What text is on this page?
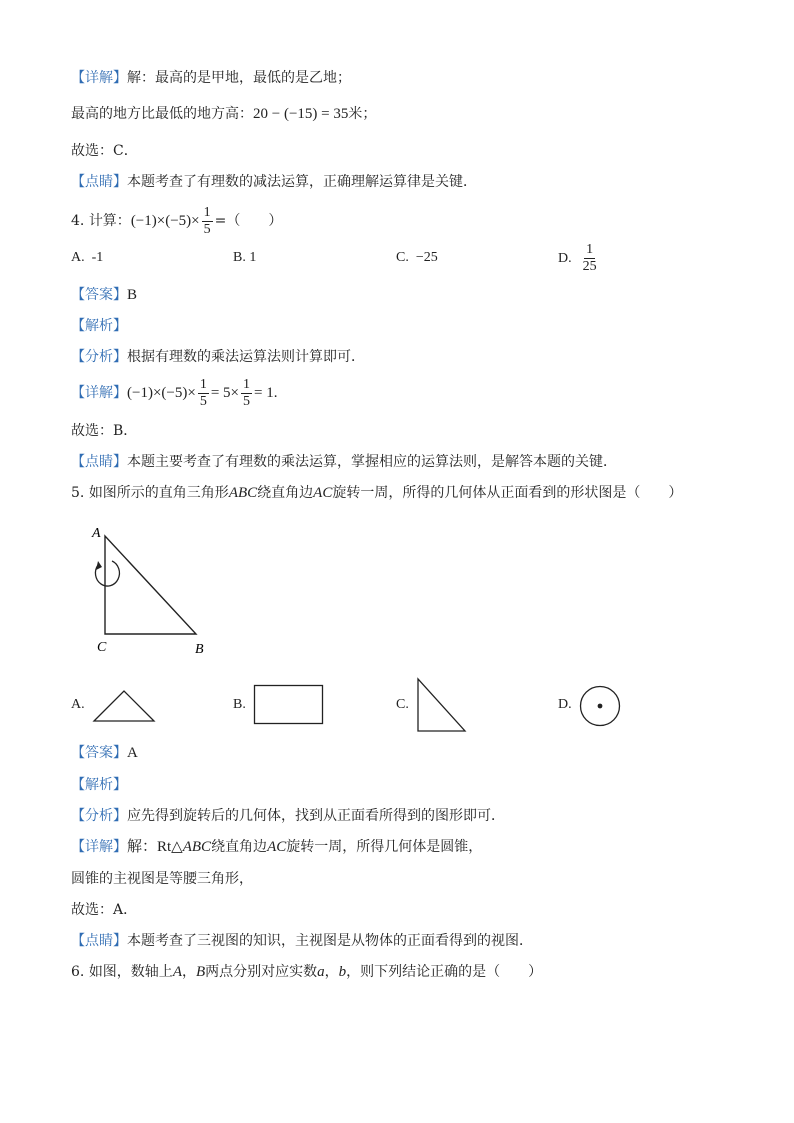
【详解】解：最高的是甲地，最低的是乙地；
最高的地方比最低的地方高：20 − (−15) = 35米；
故选：C．
【点睛】本题考查了有理数的减法运算，正确理解运算律是关键．
4. 计算：$(-1)\times(-5)\times \frac{1}{5}$ =（　　）
A. -1	B. 1	C. −25	D. $\frac{1}{25}$
【答案】B
【解析】
【分析】根据有理数的乘法运算法则计算即可．
【详解】$(-1)\times(-5)\times \frac{1}{5} = 5\times \frac{1}{5} = 1$.
故选：B．
【点睛】本题主要考查了有理数的乘法运算，掌握相应的运算法则，是解答本题的关键．
5. 如图所示的直角三角形ABC绕直角边AC旋转一周，所得的几何体从正面看到的形状图是（　　）
A
C	B
A.	B.	C.	D.
【答案】A
【解析】
【分析】应先得到旋转后的几何体，找到从正面看所得到的图形即可．
【详解】解：Rt△ABC绕直角边AC旋转一周，所得几何体是圆锥，
圆锥的主视图是等腰三角形，
故选：A．
【点睛】本题考查了三视图的知识，主视图是从物体的正面看得到的视图．
6. 如图，数轴上A，B两点分别对应实数a，b，则下列结论正确的是（　　）
